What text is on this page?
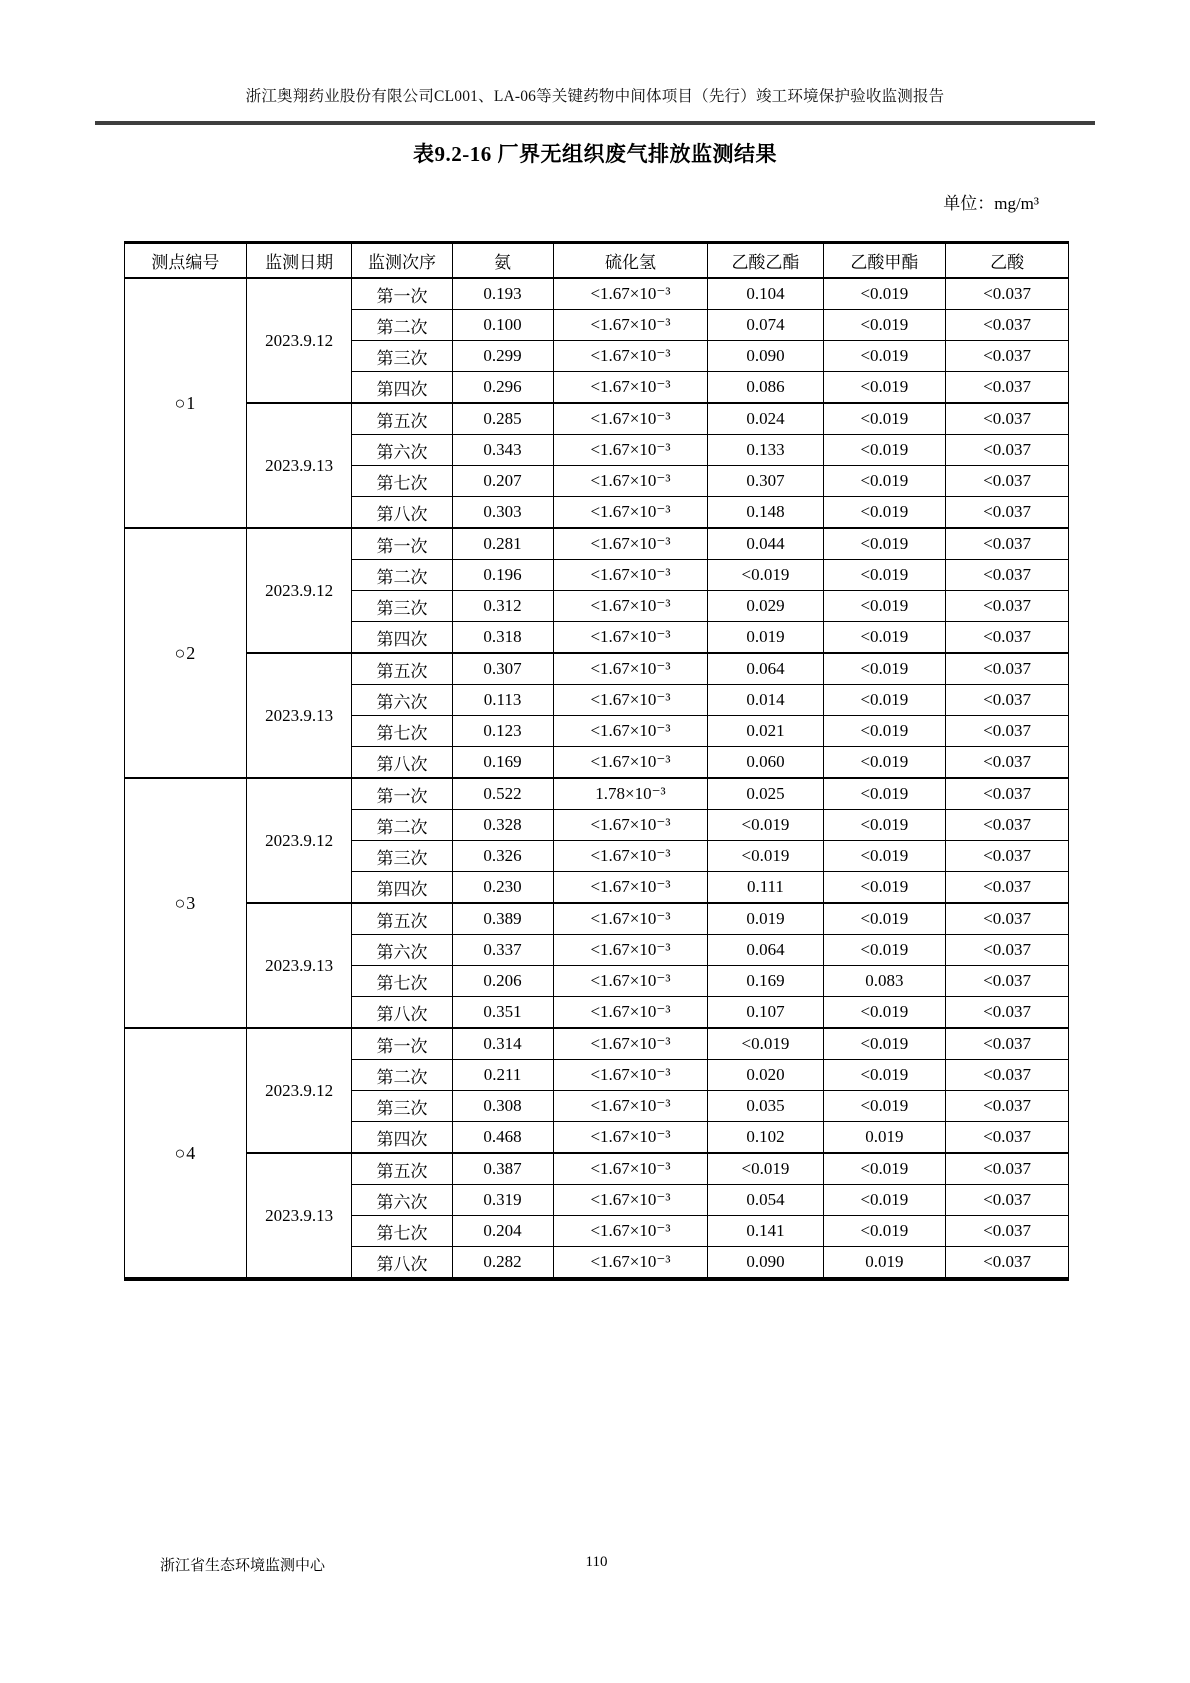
浙江奥翔药业股份有限公司CL001、LA-06等关键药物中间体项目（先行）竣工环境保护验收监测报告
表9.2-16 厂界无组织废气排放监测结果
单位：mg/m³
测点编号	监测日期	监测次序	氨	硫化氢	乙酸乙酯	乙酸甲酯	乙酸
○1	2023.9.12	第一次	0.193	<1.67×10⁻³	0.104	<0.019	<0.037
		第二次	0.100	<1.67×10⁻³	0.074	<0.019	<0.037
		第三次	0.299	<1.67×10⁻³	0.090	<0.019	<0.037
		第四次	0.296	<1.67×10⁻³	0.086	<0.019	<0.037
	2023.9.13	第五次	0.285	<1.67×10⁻³	0.024	<0.019	<0.037
		第六次	0.343	<1.67×10⁻³	0.133	<0.019	<0.037
		第七次	0.207	<1.67×10⁻³	0.307	<0.019	<0.037
		第八次	0.303	<1.67×10⁻³	0.148	<0.019	<0.037
○2	2023.9.12	第一次	0.281	<1.67×10⁻³	0.044	<0.019	<0.037
		第二次	0.196	<1.67×10⁻³	<0.019	<0.019	<0.037
		第三次	0.312	<1.67×10⁻³	0.029	<0.019	<0.037
		第四次	0.318	<1.67×10⁻³	0.019	<0.019	<0.037
	2023.9.13	第五次	0.307	<1.67×10⁻³	0.064	<0.019	<0.037
		第六次	0.113	<1.67×10⁻³	0.014	<0.019	<0.037
		第七次	0.123	<1.67×10⁻³	0.021	<0.019	<0.037
		第八次	0.169	<1.67×10⁻³	0.060	<0.019	<0.037
○3	2023.9.12	第一次	0.522	1.78×10⁻³	0.025	<0.019	<0.037
		第二次	0.328	<1.67×10⁻³	<0.019	<0.019	<0.037
		第三次	0.326	<1.67×10⁻³	<0.019	<0.019	<0.037
		第四次	0.230	<1.67×10⁻³	0.111	<0.019	<0.037
	2023.9.13	第五次	0.389	<1.67×10⁻³	0.019	<0.019	<0.037
		第六次	0.337	<1.67×10⁻³	0.064	<0.019	<0.037
		第七次	0.206	<1.67×10⁻³	0.169	0.083	<0.037
		第八次	0.351	<1.67×10⁻³	0.107	<0.019	<0.037
○4	2023.9.12	第一次	0.314	<1.67×10⁻³	<0.019	<0.019	<0.037
		第二次	0.211	<1.67×10⁻³	0.020	<0.019	<0.037
		第三次	0.308	<1.67×10⁻³	0.035	<0.019	<0.037
		第四次	0.468	<1.67×10⁻³	0.102	0.019	<0.037
	2023.9.13	第五次	0.387	<1.67×10⁻³	<0.019	<0.019	<0.037
		第六次	0.319	<1.67×10⁻³	0.054	<0.019	<0.037
		第七次	0.204	<1.67×10⁻³	0.141	<0.019	<0.037
		第八次	0.282	<1.67×10⁻³	0.090	0.019	<0.037
浙江省生态环境监测中心	110
